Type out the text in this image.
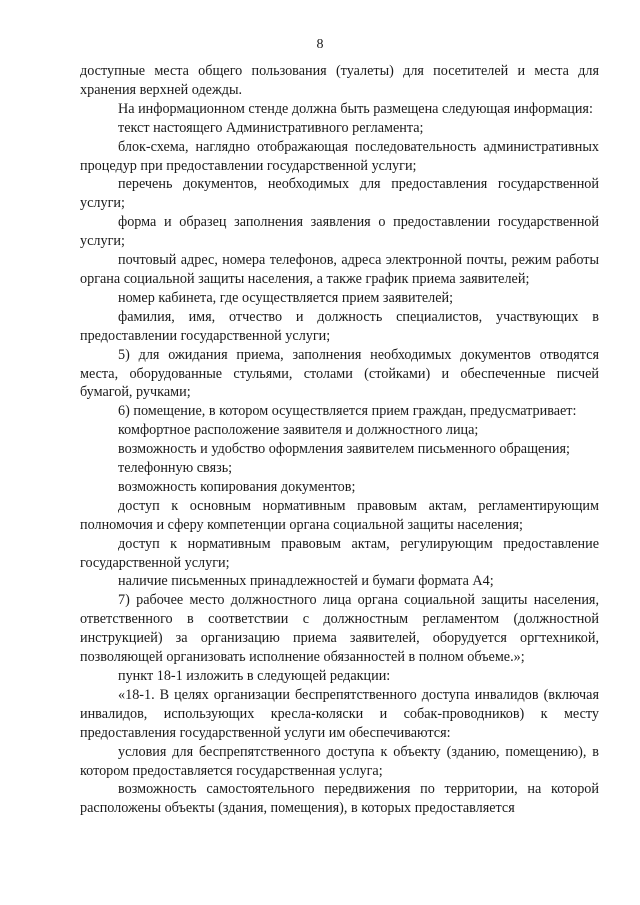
8

доступные места общего пользования (туалеты) для посетителей и места для хранения верхней одежды.

На информационном стенде должна быть размещена следующая информация:

текст настоящего Административного регламента;

блок-схема, наглядно отображающая последовательность административных процедур при предоставлении государственной услуги;

перечень документов, необходимых для предоставления государственной услуги;

форма и образец заполнения заявления о предоставлении государственной услуги;

почтовый адрес, номера телефонов, адреса электронной почты, режим работы органа социальной защиты населения, а также график приема заявителей;

номер кабинета, где осуществляется прием заявителей;

фамилия, имя, отчество и должность специалистов, участвующих в предоставлении государственной услуги;

5) для ожидания приема, заполнения необходимых документов отводятся места, оборудованные стульями, столами (стойками) и обеспеченные писчей бумагой, ручками;

6) помещение, в котором осуществляется прием граждан, предусматривает:

комфортное расположение заявителя и должностного лица;

возможность и удобство оформления заявителем письменного обращения;

телефонную связь;

возможность копирования документов;

доступ к основным нормативным правовым актам, регламентирующим полномочия и сферу компетенции органа социальной защиты населения;

доступ к нормативным правовым актам, регулирующим предоставление государственной услуги;

наличие письменных принадлежностей и бумаги формата А4;

7) рабочее место должностного лица органа социальной защиты населения, ответственного в соответствии с должностным регламентом (должностной инструкцией) за организацию приема заявителей, оборудуется оргтехникой, позволяющей организовать исполнение обязанностей в полном объеме.»;

пункт 18-1 изложить в следующей редакции:

«18-1. В целях организации беспрепятственного доступа инвалидов (включая инвалидов, использующих кресла-коляски и собак-проводников) к месту предоставления государственной услуги им обеспечиваются:

условия для беспрепятственного доступа к объекту (зданию, помещению), в котором предоставляется государственная услуга;

возможность самостоятельного передвижения по территории, на которой расположены объекты (здания, помещения), в которых предоставляется
